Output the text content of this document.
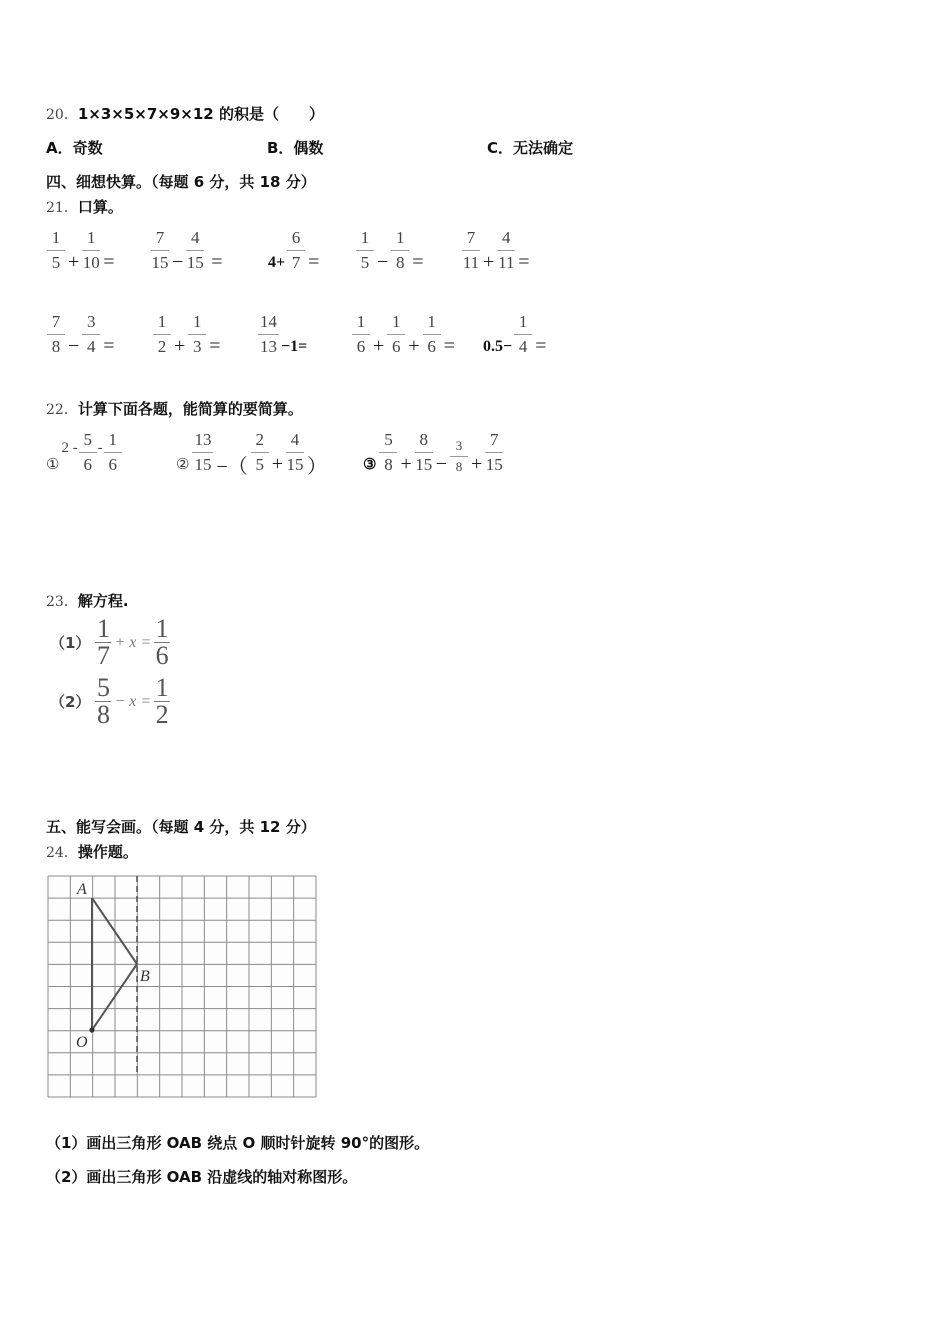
20．1×3×5×7×9×12 的积是（　　）
A．奇数	B．偶数	C．无法确定
四、细想快算。（每题 6 分，共 18 分）
21．口算。
$\frac{1}{5} + \frac{1}{10} = \frac{7}{15} - \frac{4}{15}$ =	$4+ \frac{6}{7} = \frac{1}{5} - \frac{1}{8} = \frac{7}{11} + \frac{4}{11}$ =
$\frac{7}{8} - \frac{3}{4} = \frac{1}{2} + \frac{1}{3} = \frac{14}{13} -1=$	$\frac{1}{6} + \frac{1}{6} + \frac{1}{6} = 0.5- \frac{1}{4}$ =
22．计算下面各题，能简算的要简算。
①
$2 - \frac{5}{6} - \frac{1}{6}$	② $\frac{13}{15}$ −（ $\frac{2}{5} + \frac{4}{15}$ ） ③ $\frac{5}{8} + \frac{8}{15} - \frac{3}{8} + \frac{7}{15}$
23．解方程.
$(1) \frac{1}{7} + x = \frac{1}{6}$
$(2) \frac{5}{8} - x = \frac{1}{2}$
五、能写会画。（每题 4 分，共 12 分）
24．操作题。
A
B
O
（1）画出三角形 OAB 绕点 O 顺时针旋转 90°的图形。
（2）画出三角形 OAB 沿虚线的轴对称图形。
